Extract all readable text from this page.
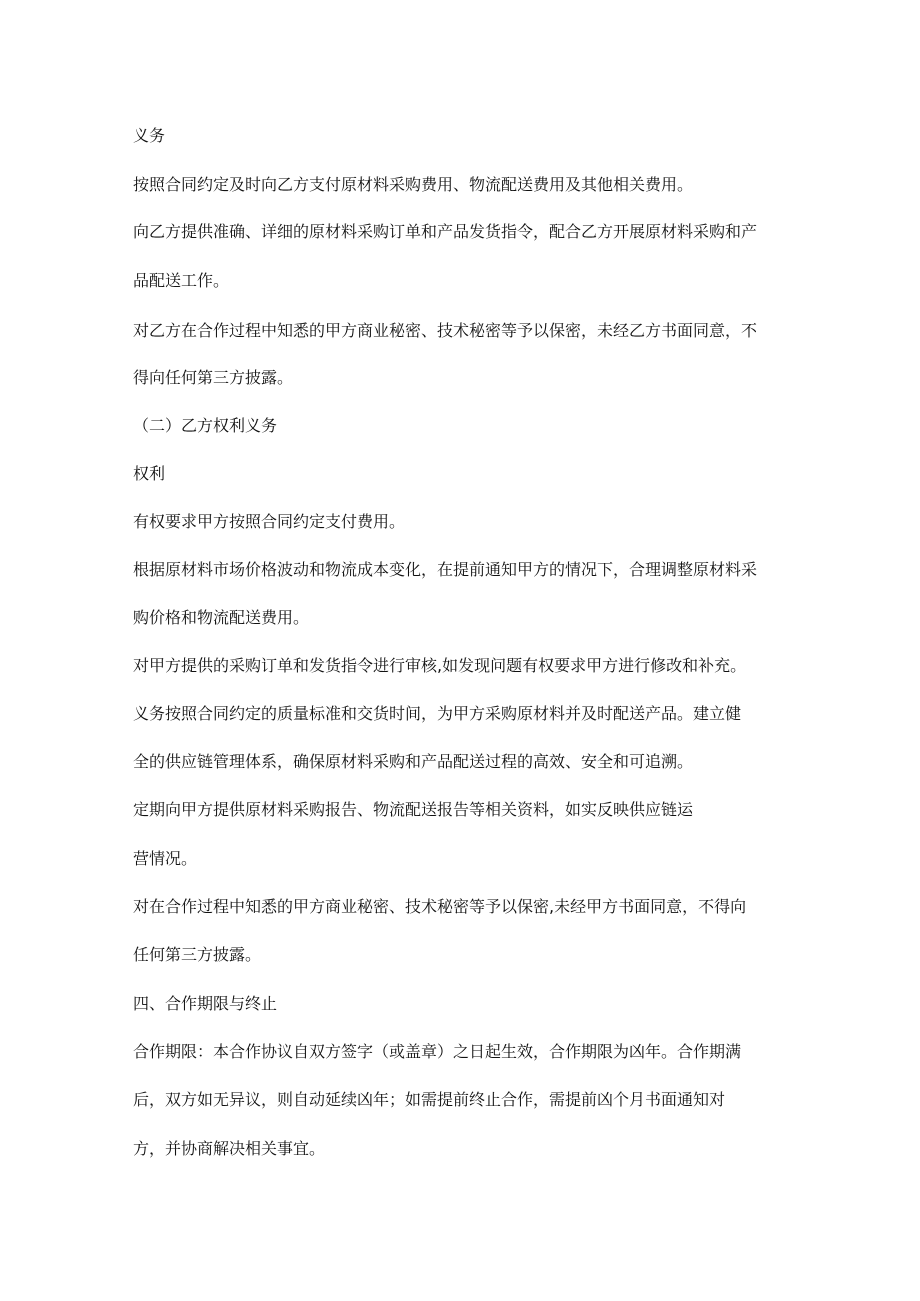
义务

按照合同约定及时向乙方支付原材料采购费用、物流配送费用及其他相关费用。

向乙方提供准确、详细的原材料采购订单和产品发货指令，配合乙方开展原材料采购和产

品配送工作。

对乙方在合作过程中知悉的甲方商业秘密、技术秘密等予以保密，未经乙方书面同意，不

得向任何第三方披露。

（二）乙方权利义务

权利

有权要求甲方按照合同约定支付费用。

根据原材料市场价格波动和物流成本变化，在提前通知甲方的情况下，合理调整原材料采

购价格和物流配送费用。

对甲方提供的采购订单和发货指令进行审核,如发现问题有权要求甲方进行修改和补充。

义务按照合同约定的质量标准和交货时间，为甲方采购原材料并及时配送产品。建立健

全的供应链管理体系，确保原材料采购和产品配送过程的高效、安全和可追溯。

定期向甲方提供原材料采购报告、物流配送报告等相关资料，如实反映供应链运

营情况。

对在合作过程中知悉的甲方商业秘密、技术秘密等予以保密,未经甲方书面同意，不得向

任何第三方披露。

四、合作期限与终止

合作期限：本合作协议自双方签字（或盖章）之日起生效，合作期限为凶年。合作期满

后，双方如无异议，则自动延续凶年；如需提前终止合作，需提前凶个月书面通知对

方，并协商解决相关事宜。
